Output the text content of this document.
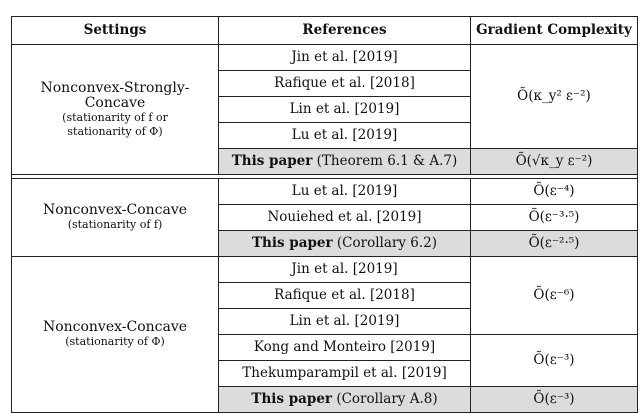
Settings	References	Gradient Complexity
Nonconvex-Strongly-Concave
(stationarity of f or
stationarity of Φ)	Jin et al. [2019]	Õ(κ_y² ε⁻²)
	Rafique et al. [2018]	
	Lin et al. [2019]	
	Lu et al. [2019]	
	This paper (Theorem 6.1 & A.7)	Õ(√κ_y ε⁻²)

Nonconvex-Concave
(stationarity of f)	Lu et al. [2019]	Õ(ε⁻⁴)
	Nouiehed et al. [2019]	Õ(ε⁻³·⁵)
	This paper (Corollary 6.2)	Õ(ε⁻²·⁵)
Nonconvex-Concave
(stationarity of Φ)	Jin et al. [2019]	Õ(ε⁻⁶)
	Rafique et al. [2018]	
	Lin et al. [2019]	
	Kong and Monteiro [2019]	Õ(ε⁻³)
	Thekumparampil et al. [2019]	
	This paper (Corollary A.8)	Õ(ε⁻³)
